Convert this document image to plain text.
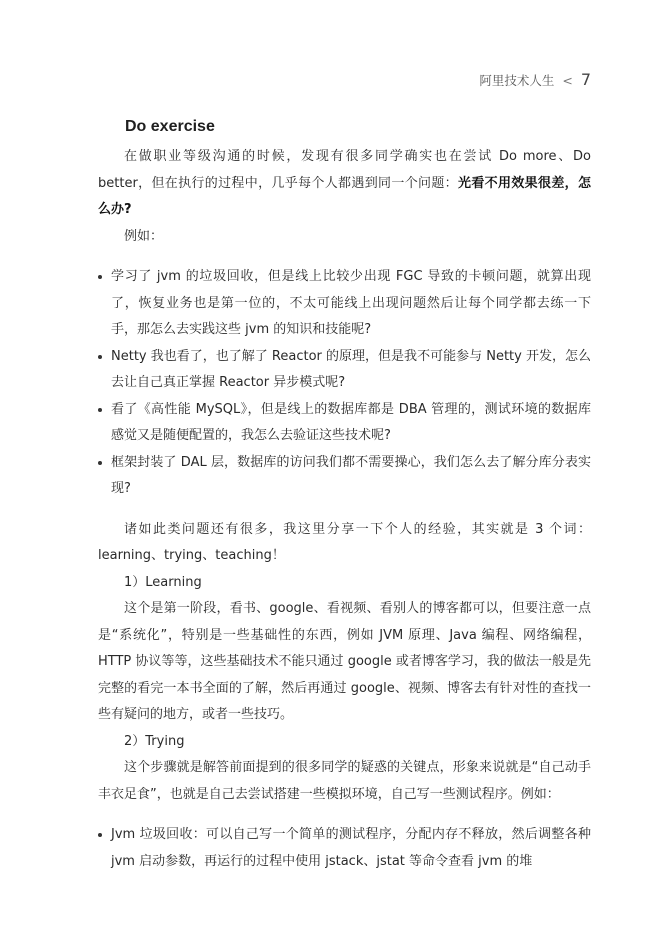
阿里技术人生 < 7
Do exercise

在做职业等级沟通的时候，发现有很多同学确实也在尝试 Do more、Do better，但在执行的过程中，几乎每个人都遇到同一个问题：光看不用效果很差，怎么办?

例如：

学习了 jvm 的垃圾回收，但是线上比较少出现 FGC 导致的卡顿问题，就算出现了，恢复业务也是第一位的，不太可能线上出现问题然后让每个同学都去练一下手，那怎么去实践这些 jvm 的知识和技能呢?
Netty 我也看了，也了解了 Reactor 的原理，但是我不可能参与 Netty 开发，怎么去让自己真正掌握 Reactor 异步模式呢?
看了《高性能 MySQL》，但是线上的数据库都是 DBA 管理的，测试环境的数据库感觉又是随便配置的，我怎么去验证这些技术呢?
框架封装了 DAL 层，数据库的访问我们都不需要操心，我们怎么去了解分库分表实现?

诸如此类问题还有很多，我这里分享一下个人的经验，其实就是 3 个词：learning、trying、teaching！

1）Learning

这个是第一阶段，看书、google、看视频、看别人的博客都可以，但要注意一点是“系统化”，特别是一些基础性的东西，例如 JVM 原理、Java 编程、网络编程，HTTP 协议等等，这些基础技术不能只通过 google 或者博客学习，我的做法一般是先完整的看完一本书全面的了解，然后再通过 google、视频、博客去有针对性的查找一些有疑问的地方，或者一些技巧。

2）Trying

这个步骤就是解答前面提到的很多同学的疑惑的关键点，形象来说就是“自己动手丰衣足食”，也就是自己去尝试搭建一些模拟环境，自己写一些测试程序。例如：

Jvm 垃圾回收：可以自己写一个简单的测试程序，分配内存不释放，然后调整各种 jvm 启动参数，再运行的过程中使用 jstack、jstat 等命令查看 jvm 的堆
